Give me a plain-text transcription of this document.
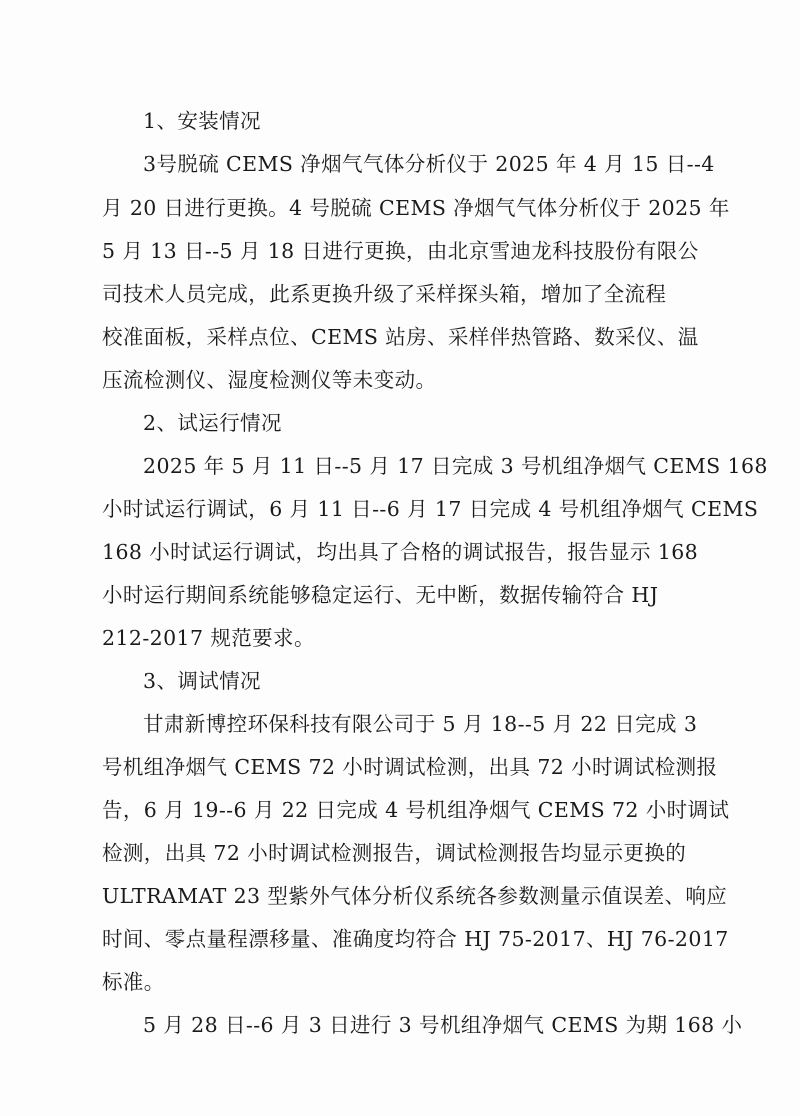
1、安装情况
3号脱硫 CEMS 净烟气气体分析仪于 2025 年 4 月 15 日--4
月 20 日进行更换。4 号脱硫 CEMS 净烟气气体分析仪于 2025 年
5 月 13 日--5 月 18 日进行更换，由北京雪迪龙科技股份有限公
司技术人员完成，此系更换升级了采样探头箱，增加了全流程
校准面板，采样点位、CEMS 站房、采样伴热管路、数采仪、温
压流检测仪、湿度检测仪等未变动。
2、试运行情况
2025 年 5 月 11 日--5 月 17 日完成 3 号机组净烟气 CEMS 168
小时试运行调试，6 月 11 日--6 月 17 日完成 4 号机组净烟气 CEMS
168 小时试运行调试，均出具了合格的调试报告，报告显示 168
小时运行期间系统能够稳定运行、无中断，数据传输符合 HJ
212-2017 规范要求。
3、调试情况
甘肃新博控环保科技有限公司于 5 月 18--5 月 22 日完成 3
号机组净烟气 CEMS 72 小时调试检测，出具 72 小时调试检测报
告，6 月 19--6 月 22 日完成 4 号机组净烟气 CEMS 72 小时调试
检测，出具 72 小时调试检测报告，调试检测报告均显示更换的
ULTRAMAT 23 型紫外气体分析仪系统各参数测量示值误差、响应
时间、零点量程漂移量、准确度均符合 HJ 75-2017、HJ 76-2017
标准。
5 月 28 日--6 月 3 日进行 3 号机组净烟气 CEMS 为期 168 小
